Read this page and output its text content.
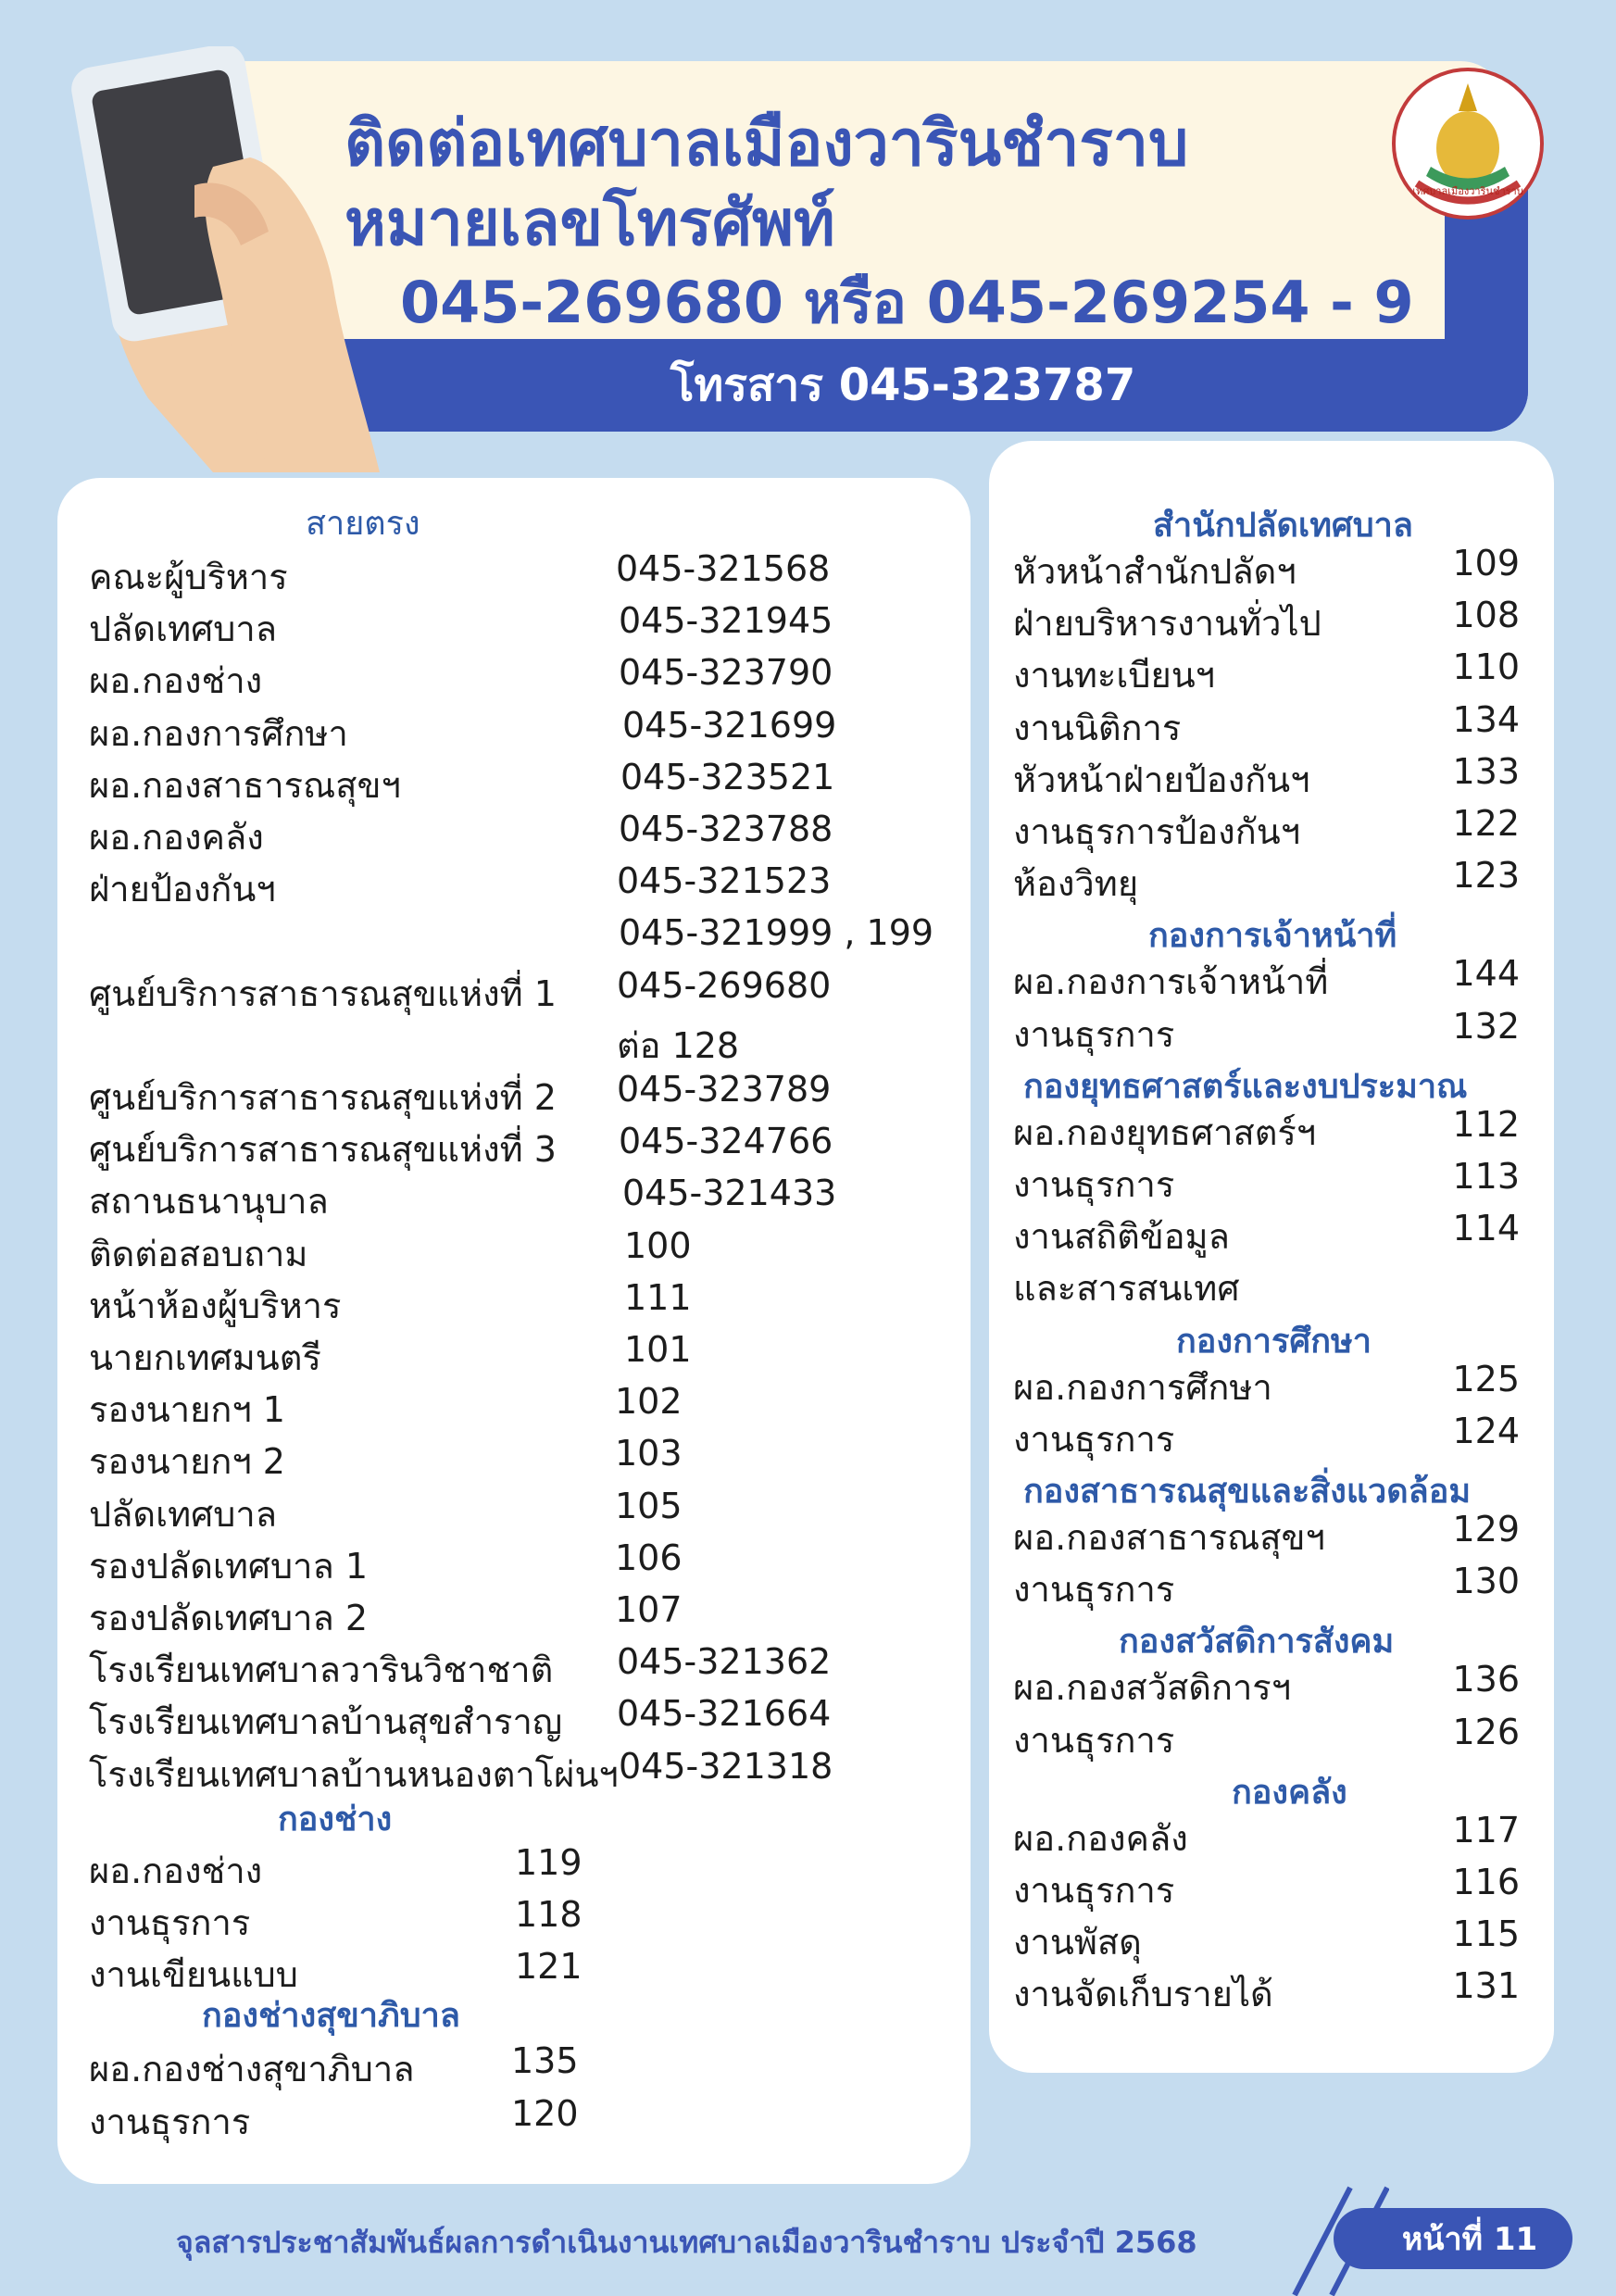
โทรสาร 045-323787
ติดต่อเทศบาลเมืองวารินชำราบ
หมายเลขโทรศัพท์
045-269680 หรือ 045-269254 - 9
เทศบาลเมืองวารินชำราบ
สายตรง
คณะผู้บริหาร	045-321568
ปลัดเทศบาล	045-321945
ผอ.กองช่าง	045-323790
ผอ.กองการศึกษา	045-321699
ผอ.กองสาธารณสุขฯ	045-323521
ผอ.กองคลัง	045-323788
ฝ่ายป้องกันฯ	045-321523
045-321999 , 199
ศูนย์บริการสาธารณสุขแห่งที่ 1 045-269680
ต่อ 128
ศูนย์บริการสาธารณสุขแห่งที่ 2 045-323789
ศูนย์บริการสาธารณสุขแห่งที่ 3 045-324766
สถานธนานุบาล	045-321433
ติดต่อสอบถาม	100
หน้าห้องผู้บริหาร	111
นายกเทศมนตรี	101
รองนายกฯ 1	102
รองนายกฯ 2	103
ปลัดเทศบาล	105
รองปลัดเทศบาล 1	106
รองปลัดเทศบาล 2	107
โรงเรียนเทศบาลวารินวิชาชาติ 045-321362
โรงเรียนเทศบาลบ้านสุขสำราญ 045-321664
โรงเรียนเทศบาลบ้านหนองตาโผ่นฯ 045-321318
กองช่าง
ผอ.กองช่าง	119
งานธุรการ	118
งานเขียนแบบ	121
กองช่างสุขาภิบาล
ผอ.กองช่างสุขาภิบาล	135
งานธุรการ	120
สำนักปลัดเทศบาล
หัวหน้าสำนักปลัดฯ	109
ฝ่ายบริหารงานทั่วไป	108
งานทะเบียนฯ	110
งานนิติการ	134
หัวหน้าฝ่ายป้องกันฯ	133
งานธุรการป้องกันฯ	122
ห้องวิทยุ	123
กองการเจ้าหน้าที่
ผอ.กองการเจ้าหน้าที่	144
งานธุรการ	132
กองยุทธศาสตร์และงบประมาณ
ผอ.กองยุทธศาสตร์ฯ	112
งานธุรการ	113
งานสถิติข้อมูล	114
และสารสนเทศ
กองการศึกษา
ผอ.กองการศึกษา	125
งานธุรการ	124
กองสาธารณสุขและสิ่งแวดล้อม
ผอ.กองสาธารณสุขฯ	129
งานธุรการ	130
กองสวัสดิการสังคม
ผอ.กองสวัสดิการฯ	136
งานธุรการ	126
กองคลัง
ผอ.กองคลัง	117
งานธุรการ	116
งานพัสดุ	115
งานจัดเก็บรายได้	131
จุลสารประชาสัมพันธ์ผลการดำเนินงานเทศบาลเมืองวารินชำราบ ประจำปี 2568	หน้าที่ 11
